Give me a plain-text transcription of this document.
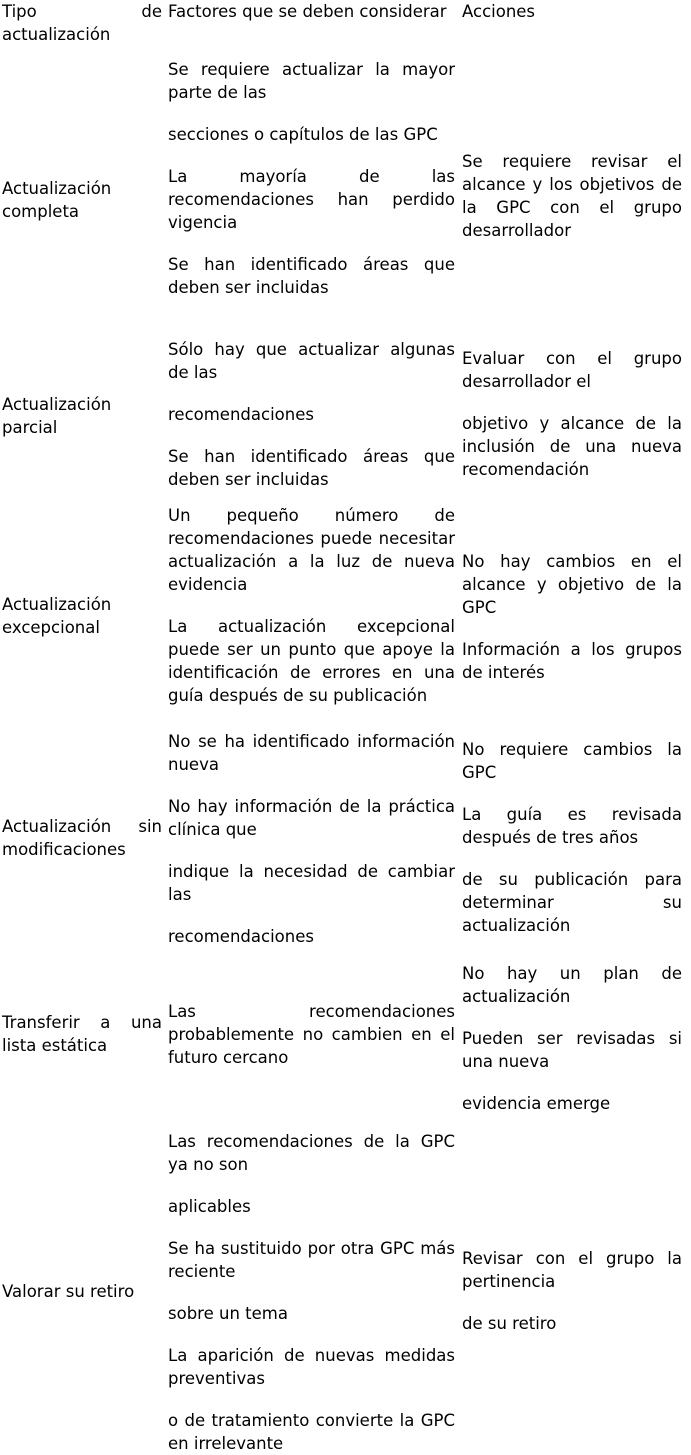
Tipo	de
actualización

Factores que se deben considerar Acciones

Actualización completa

Se requiere actualizar la mayor parte de las

secciones o capítulos de las GPC

La mayoría de las recomendaciones han perdido vigencia

Se han identificado áreas que deben ser incluidas

Se requiere revisar el alcance y los objetivos de la GPC con el grupo desarrollador

Actualización parcial

Sólo hay que actualizar algunas de las

recomendaciones

Se han identificado áreas que deben ser incluidas

Evaluar con el grupo desarrollador el

objetivo y alcance de la inclusión de una nueva recomendación

Actualización excepcional

Un pequeño número de recomendaciones puede necesitar actualización a la luz de nueva evidencia

La actualización excepcional puede ser un punto que apoye la identificación de errores en una guía después de su publicación

No hay cambios en el alcance y objetivo de la GPC

Información a los grupos de interés

Actualización sin modificaciones

No se ha identificado información nueva

No hay información de la práctica clínica que

indique la necesidad de cambiar las

recomendaciones

No requiere cambios la GPC

La guía es revisada después de tres años

de su publicación para determinar su actualización

Transferir a una lista estática

Las recomendaciones probablemente no cambien en el futuro cercano

No hay un plan de actualización

Pueden ser revisadas si una nueva

evidencia emerge

Valorar su retiro

Las recomendaciones de la GPC ya no son

aplicables

Se ha sustituido por otra GPC más reciente

sobre un tema

La aparición de nuevas medidas preventivas

o de tratamiento convierte la GPC en irrelevante

Revisar con el grupo la pertinencia

de su retiro
